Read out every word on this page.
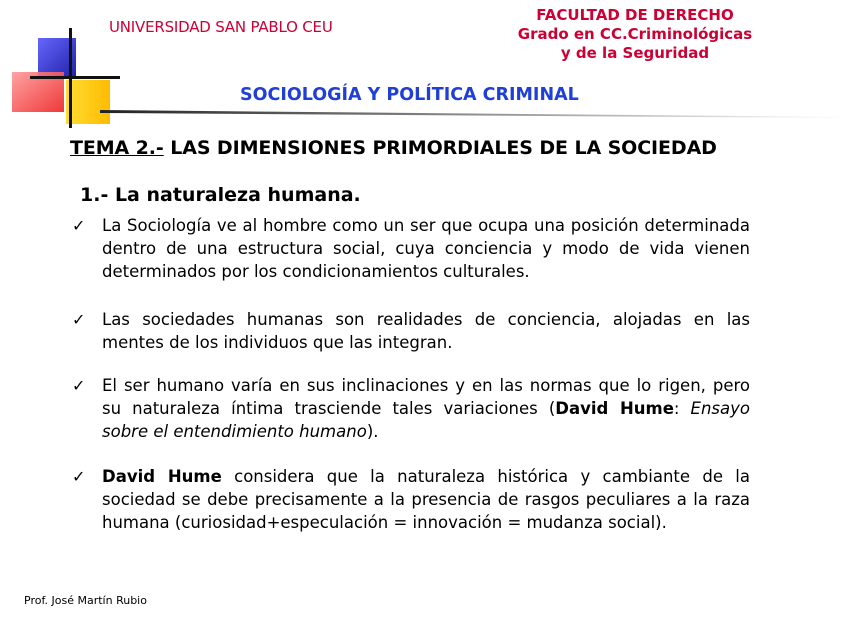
UNIVERSIDAD SAN PABLO CEU
FACULTAD DE DERECHO
Grado en CC.Criminológicas
y de la Seguridad
SOCIOLOGÍA Y POLÍTICA CRIMINAL
TEMA 2.- LAS DIMENSIONES PRIMORDIALES DE LA SOCIEDAD
1.- La naturaleza humana.
✓	La Sociología ve al hombre como un ser que ocupa una posición determinada dentro de una estructura social, cuya conciencia y modo de vida vienen determinados por los condicionamientos culturales.
✓	Las sociedades humanas son realidades de conciencia, alojadas en las mentes de los individuos que las integran.
✓	El ser humano varía en sus inclinaciones y en las normas que lo rigen, pero su naturaleza íntima trasciende tales variaciones (David Hume: Ensayo sobre el entendimiento humano).
✓	David Hume considera que la naturaleza histórica y cambiante de la sociedad se debe precisamente a la presencia de rasgos peculiares a la raza humana (curiosidad+especulación = innovación = mudanza social).
Prof. José Martín Rubio
